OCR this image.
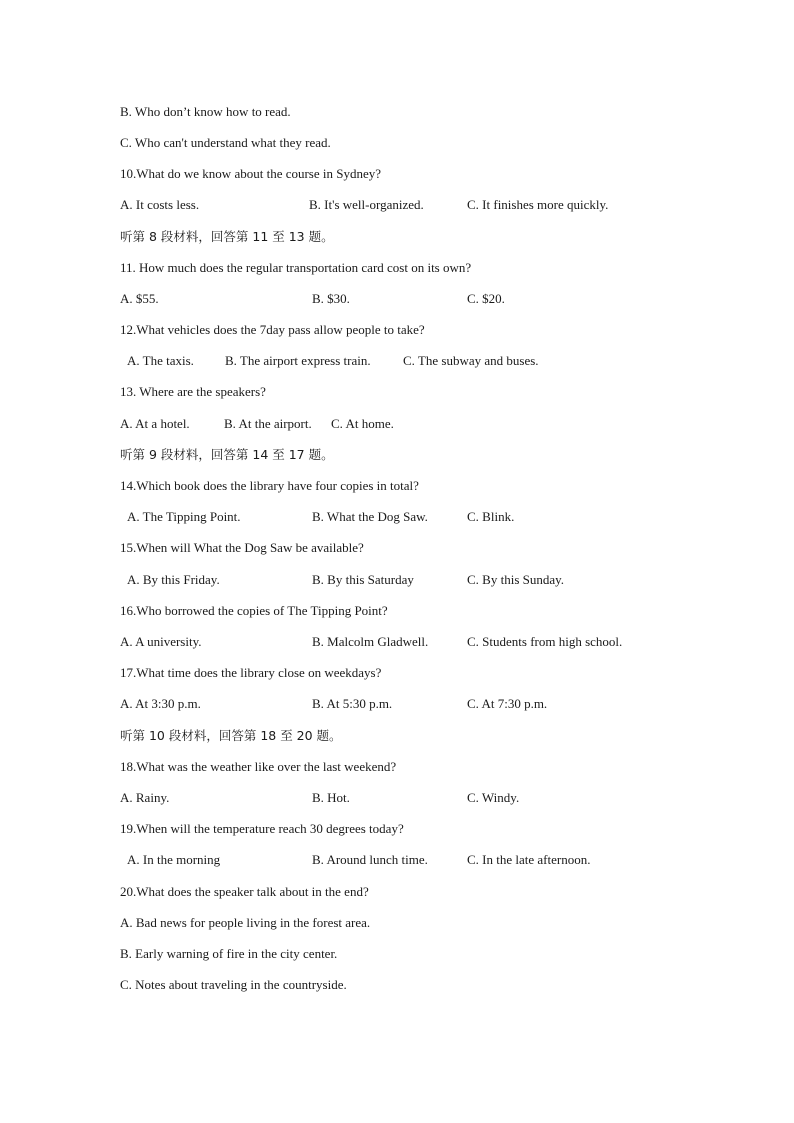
B. Who don’t know how to read.
C. Who can't understand what they read.
10.What do we know about the course in Sydney?
A. It costs less.	B. It's well-organized.	C. It finishes more quickly.
听第 8 段材料，回答第 11 至 13 题。
11. How much does the regular transportation card cost on its own?
A. $55.	B. $30.	C. $20.
12.What vehicles does the 7day pass allow people to take?
A. The taxis. B. The airport express train. C. The subway and buses.
13. Where are the speakers?
A. At a hotel.	B. At the airport. C. At home.
听第 9 段材料，回答第 14 至 17 题。
14.Which book does the library have four copies in total?
A. The Tipping Point.	B. What the Dog Saw.	C. Blink.
15.When will What the Dog Saw be available?
A. By this Friday.	B. By this Saturday	C. By this Sunday.
16.Who borrowed the copies of The Tipping Point?
A. A university.	B. Malcolm Gladwell.	C. Students from high school.
17.What time does the library close on weekdays?
A. At 3:30 p.m.	B. At 5:30 p.m.	C. At 7:30 p.m.
听第 10 段材料，回答第 18 至 20 题。
18.What was the weather like over the last weekend?
A. Rainy.	B. Hot.	C. Windy.
19.When will the temperature reach 30 degrees today?
A. In the morning	B. Around lunch time.	C. In the late afternoon.
20.What does the speaker talk about in the end?
A. Bad news for people living in the forest area.
B. Early warning of fire in the city center.
C. Notes about traveling in the countryside.
